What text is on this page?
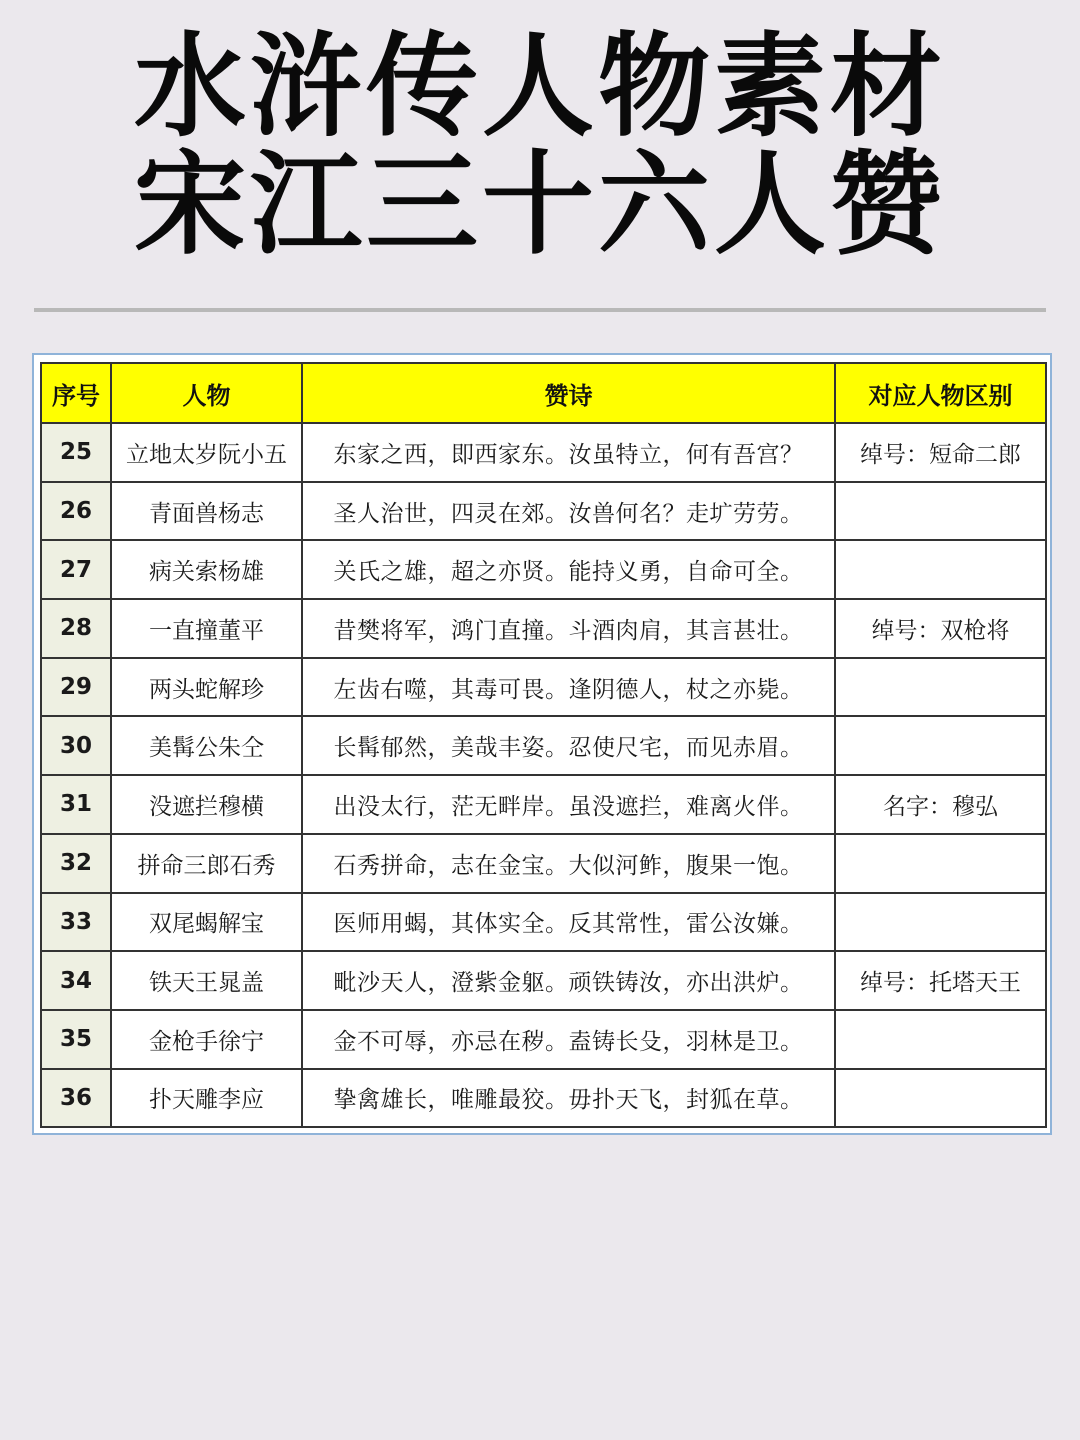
水浒传人物素材
宋江三十六人赞
序号	人物	赞诗	对应人物区别
25	立地太岁阮小五	东家之西，即西家东。汝虽特立，何有吾宫？	绰号：短命二郎
26	青面兽杨志	圣人治世，四灵在郊。汝兽何名？走圹劳劳。	
27	病关索杨雄	关氏之雄，超之亦贤。能持义勇，自命可全。	
28	一直撞董平	昔樊将军，鸿门直撞。斗酒肉肩，其言甚壮。	绰号：双枪将
29	两头蛇解珍	左齿右噬，其毒可畏。逢阴德人，杖之亦毙。	
30	美髯公朱仝	长髯郁然，美哉丰姿。忍使尺宅，而见赤眉。	
31	没遮拦穆横	出没太行，茫无畔岸。虽没遮拦，难离火伴。	名字：穆弘
32	拼命三郎石秀	石秀拼命，志在金宝。大似河鲊，腹果一饱。	
33	双尾蝎解宝	医师用蝎，其体实全。反其常性，雷公汝嫌。	
34	铁天王晁盖	毗沙天人，澄紫金躯。顽铁铸汝，亦出洪炉。	绰号：托塔天王
35	金枪手徐宁	金不可辱，亦忌在秽。盍铸长殳，羽林是卫。	
36	扑天雕李应	挚禽雄长，唯雕最狡。毋扑天飞，封狐在草。	
